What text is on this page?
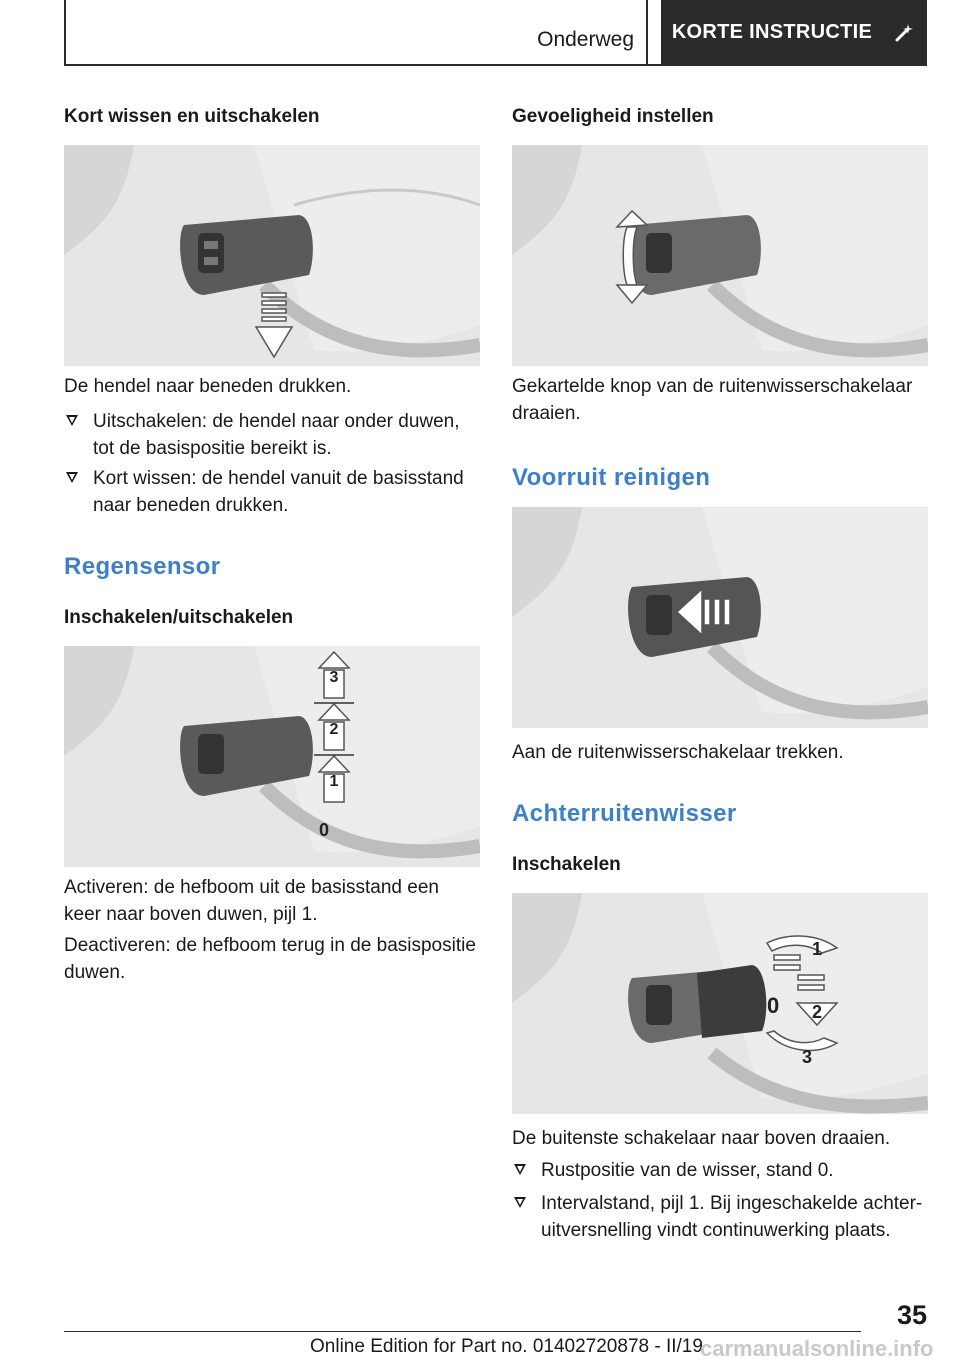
Onderweg KORTE INSTRUCTIE
Kort wissen en uitschakelen

De hendel naar beneden drukken.

Uitschakelen: de hendel naar onder duwen, tot de basispositie bereikt is.
Kort wissen: de hendel vanuit de basisstand naar beneden drukken.
Regensensor
Inschakelen/uitschakelen
3
2
1
0

Activeren: de hefboom uit de basisstand een keer naar boven duwen, pijl 1.

Deactiveren: de hefboom terug in de basispositie duwen.

Gevoeligheid instellen

Gekartelde knop van de ruitenwisserschakelaar draaien.

Voorruit reinigen

Aan de ruitenwisserschakelaar trekken.

Achterruitenwisser
Inschakelen
1
0 2
3

De buitenste schakelaar naar boven draaien.

Rustpositie van de wisser, stand 0.
Intervalstand, pijl 1. Bij ingeschakelde achter-uitversnelling vindt continuwerking plaats.
35
Online Edition for Part no. 01402720878 - II/19
carmanualsonline.info
